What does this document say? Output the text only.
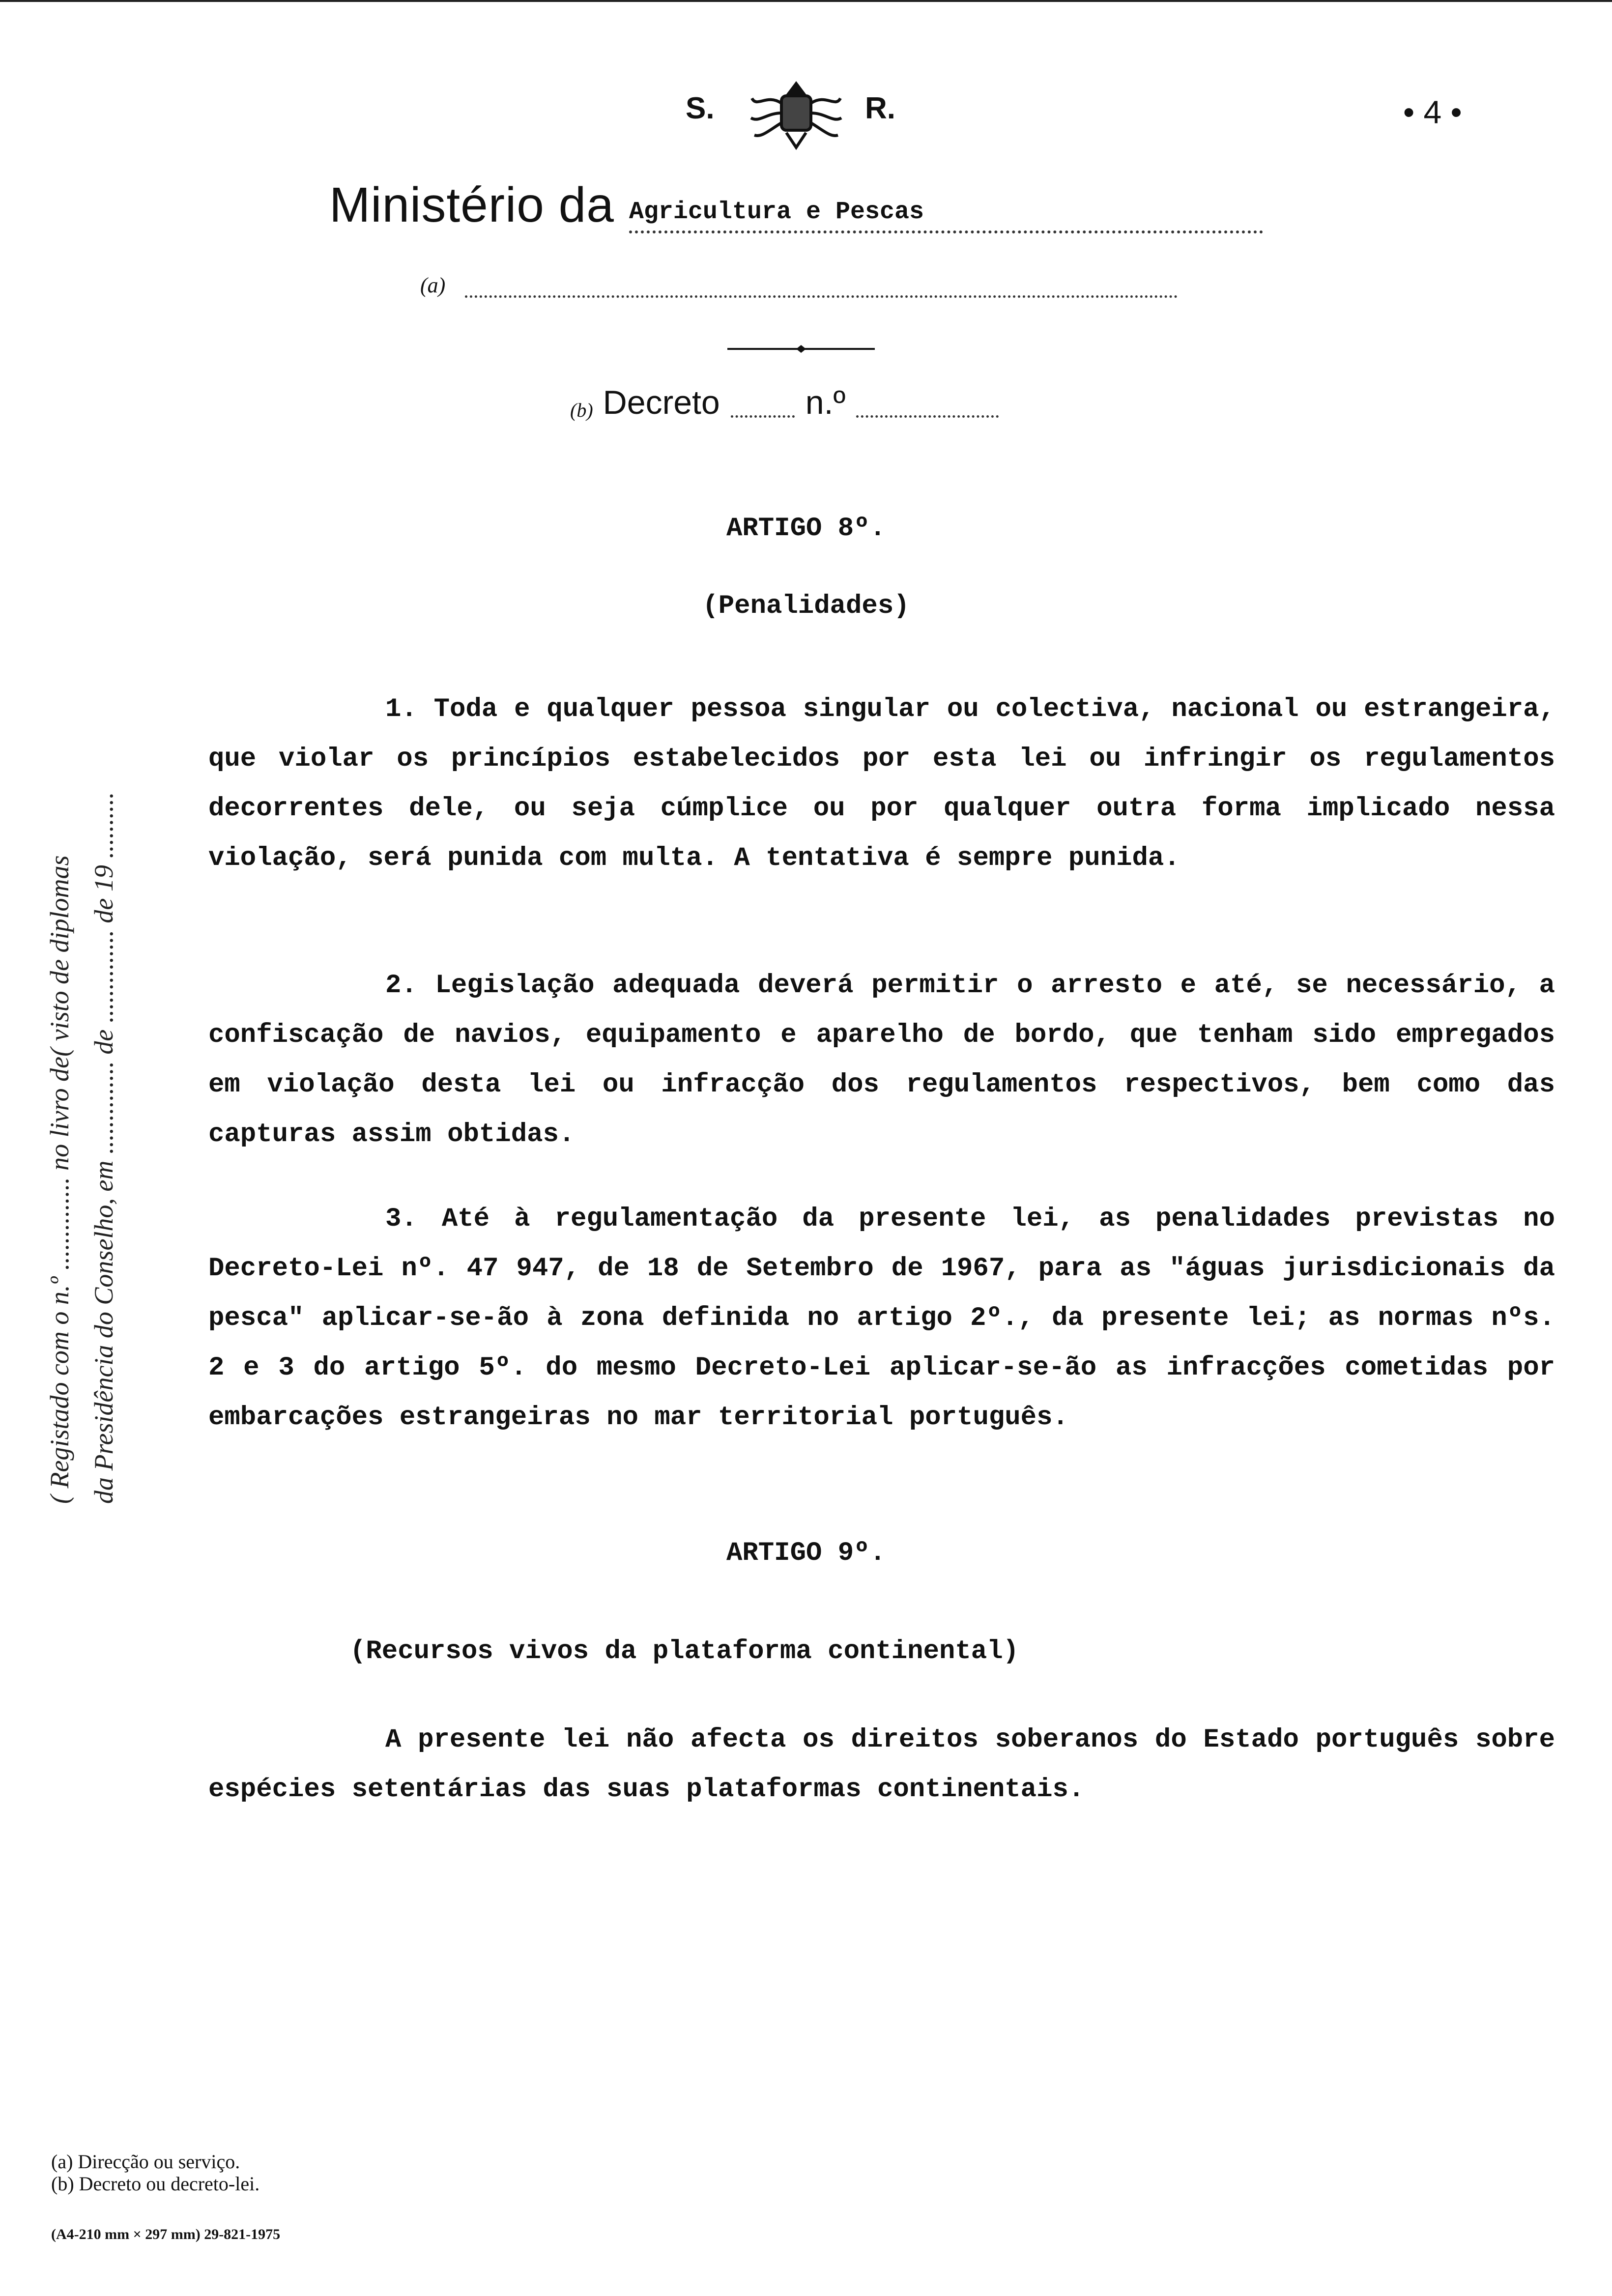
S.	R.	• 4 •
Ministério da Agricultura e Pescas
(a)
(b) Decreto	n.º
ARTIGO 8º.
(Penalidades)
1. Toda e qualquer pessoa singular ou colectiva, nacional ou estrangeira, que violar os princípios estabelecidos por esta lei ou infringir os regulamentos decorrentes dele, ou seja cúmplice ou por qualquer outra forma implicado nessa violação, será punida com multa. A tentativa é sempre punida.
2. Legislação adequada deverá permitir o arresto e até, se necessário, a confiscação de navios, equipamento e aparelho de bordo, que tenham sido empregados em violação desta lei ou infracção dos regulamentos respectivos, bem como das capturas assim obtidas.
3. Até à regulamentação da presente lei, as penalidades previstas no Decreto-Lei nº. 47 947, de 18 de Setembro de 1967, para as "águas jurisdicionais da pesca" aplicar-se-ão à zona definida no artigo 2º., da presente lei; as normas nºs. 2 e 3 do artigo 5º. do mesmo Decreto-Lei aplicar-se-ão as infracções cometidas por embarcações estrangeiras no mar territorial português.
ARTIGO 9º.
(Recursos vivos da plataforma continental)
A presente lei não afecta os direitos soberanos do Estado português sobre espécies setentárias das suas plataformas continentais.
( Registado com o n.º .............. no livro de( visto de diplomas da Presidência do Conselho, em .............. de .............. de 19 ..........
(a) Direcção ou serviço.
(b) Decreto ou decreto-lei.
(A4-210 mm × 297 mm) 29-821-1975
